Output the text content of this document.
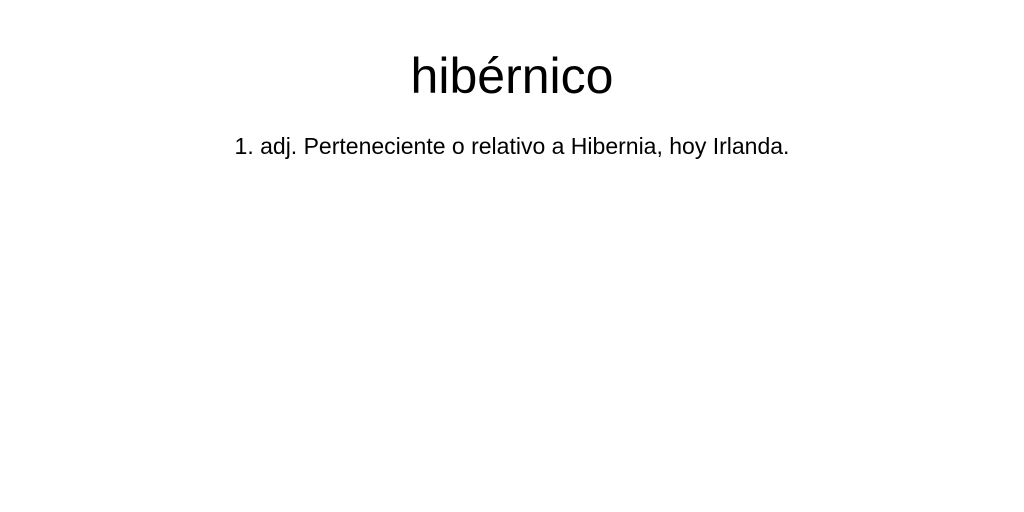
hibérnico

1. adj. Perteneciente o relativo a Hibernia, hoy Irlanda.
